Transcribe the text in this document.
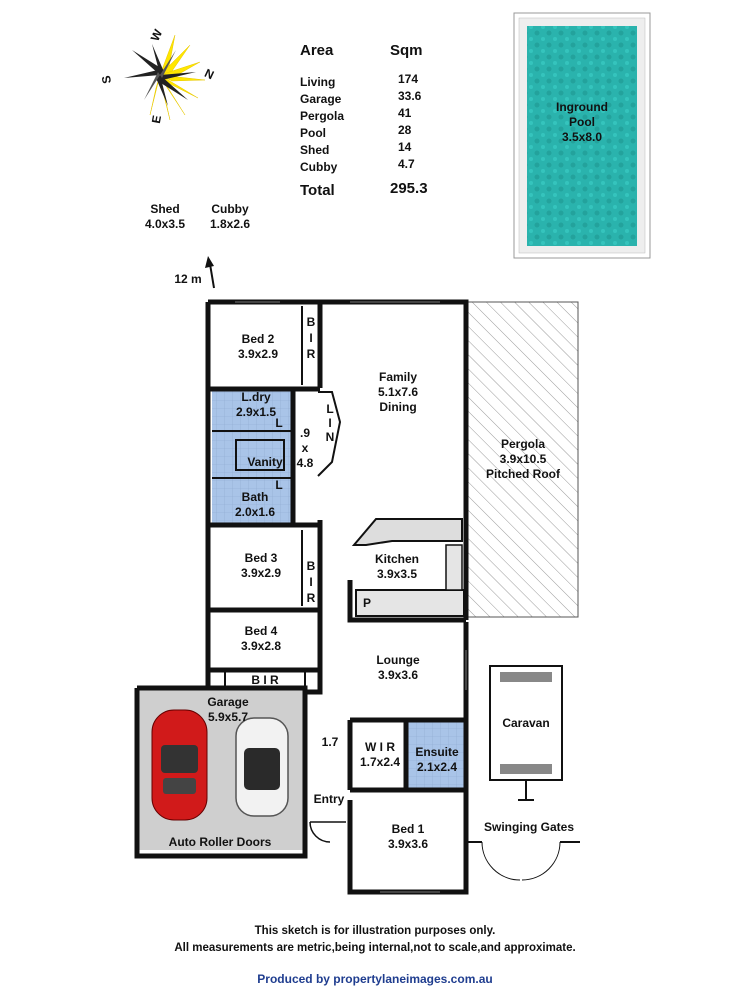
W
N
S
E
Area	Sqm
Living	174
Garage	33.6
Pergola	41
Pool	28
Shed	14
Cubby	4.7
Total	295.3
Inground
Pool
3.5x8.0
Shed
4.0x3.5
Cubby
1.8x2.6
12 m
Bed 2
3.9x2.9
B
I
R
Family
5.1x7.6
Dining
Pergola
3.9x10.5
Pitched Roof
L.dry
2.9x1.5
L
L
I
N
.9
x
4.8
Vanity
Bath
2.0x1.6
L
Kitchen
3.9x3.5
P
Bed 3
3.9x2.9	B
I
R
Bed 4
3.9x2.8
B I R
Lounge
3.9x3.6
Garage
5.9x5.7
Auto Roller Doors
1.7	W I R
1.7x2.4
Ensuite
2.1x2.4
Entry
Bed 1
3.9x3.6
Caravan
Swinging Gates
This sketch is for illustration purposes only.
All measurements are metric,being internal,not to scale,and approximate.
Produced by propertylaneimages.com.au
